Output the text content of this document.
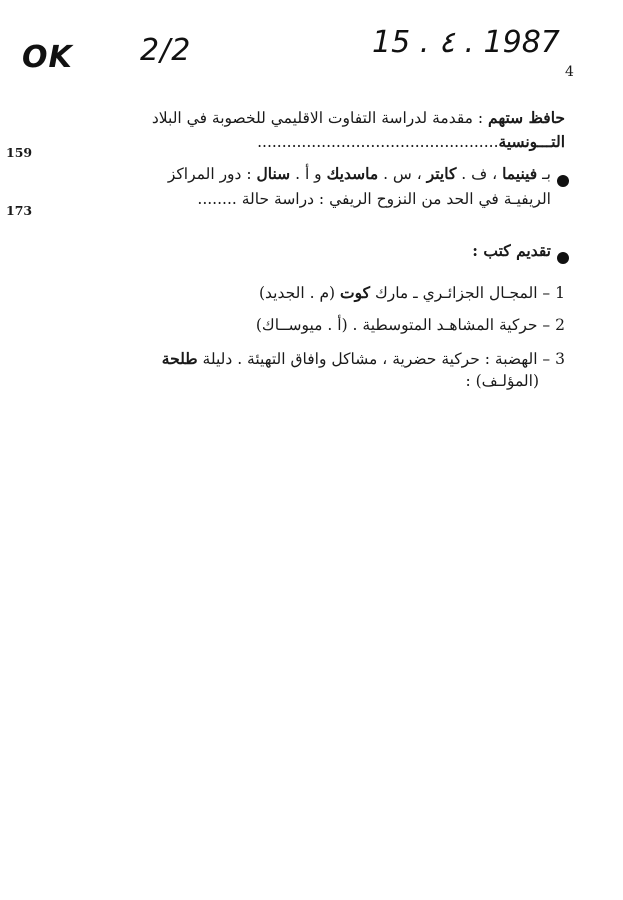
OK 2/2	15 . ٤ . 1987
4
حافظ ستهم : مقدمة لدراسة التفاوت الاقليمي للخصوبة في البلاد
التـــونسية.................................................
159
بـ فينيما ، ف . كايتر ، س . ماسديك و أ . سنال : دور المراكز
الريفيـة في الحد من النزوح الريفي : دراسة حالة ........
173
تقديم كتب :
1 – المجـال الجزائـري ـ مارك كوت (م . الجديد)
2 – حركية المشاهـد المتوسطية . (أ . ميوســاك)
3 – الهضبة : حركية حضرية ، مشاكل وافاق التهيئة . دليلة طلحة
(المؤلـف) :
